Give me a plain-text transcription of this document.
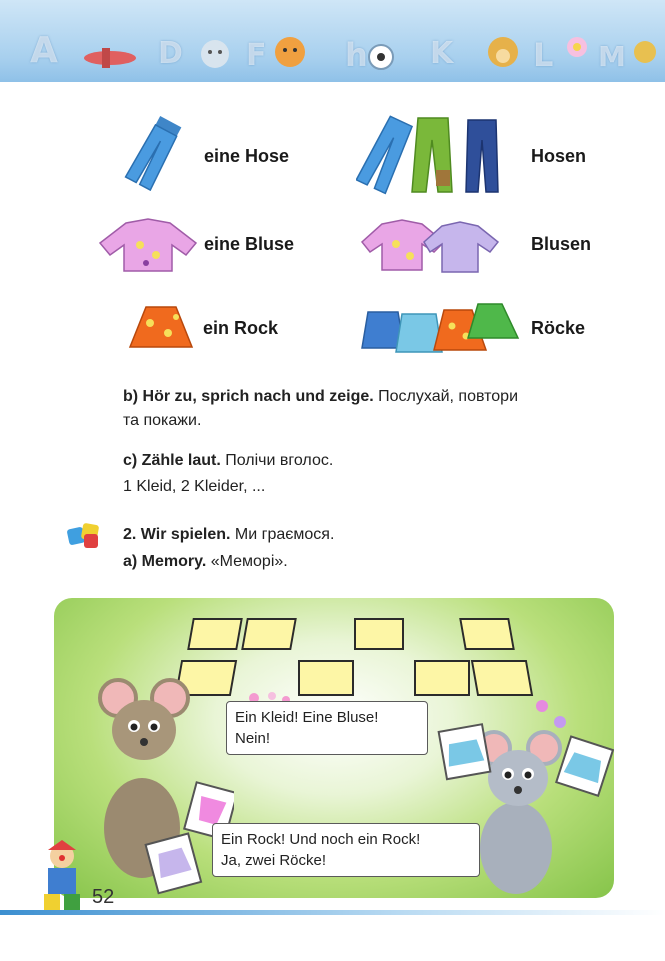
A	D F h K L M
eine Hose	Hosen
eine Bluse	Blusen
ein Rock	Röcke
b) Hör zu, sprich nach und zeige. Послухай, повтори
та покажи.
c) Zähle laut. Полічи вголос.
1 Kleid, 2 Kleider, ...
2. Wir spielen. Ми граємося.
a) Memory. «Меморі».
Ein Kleid! Eine Bluse!
Nein!
Ein Rock! Und noch ein Rock!
Ja, zwei Röcke!
52
